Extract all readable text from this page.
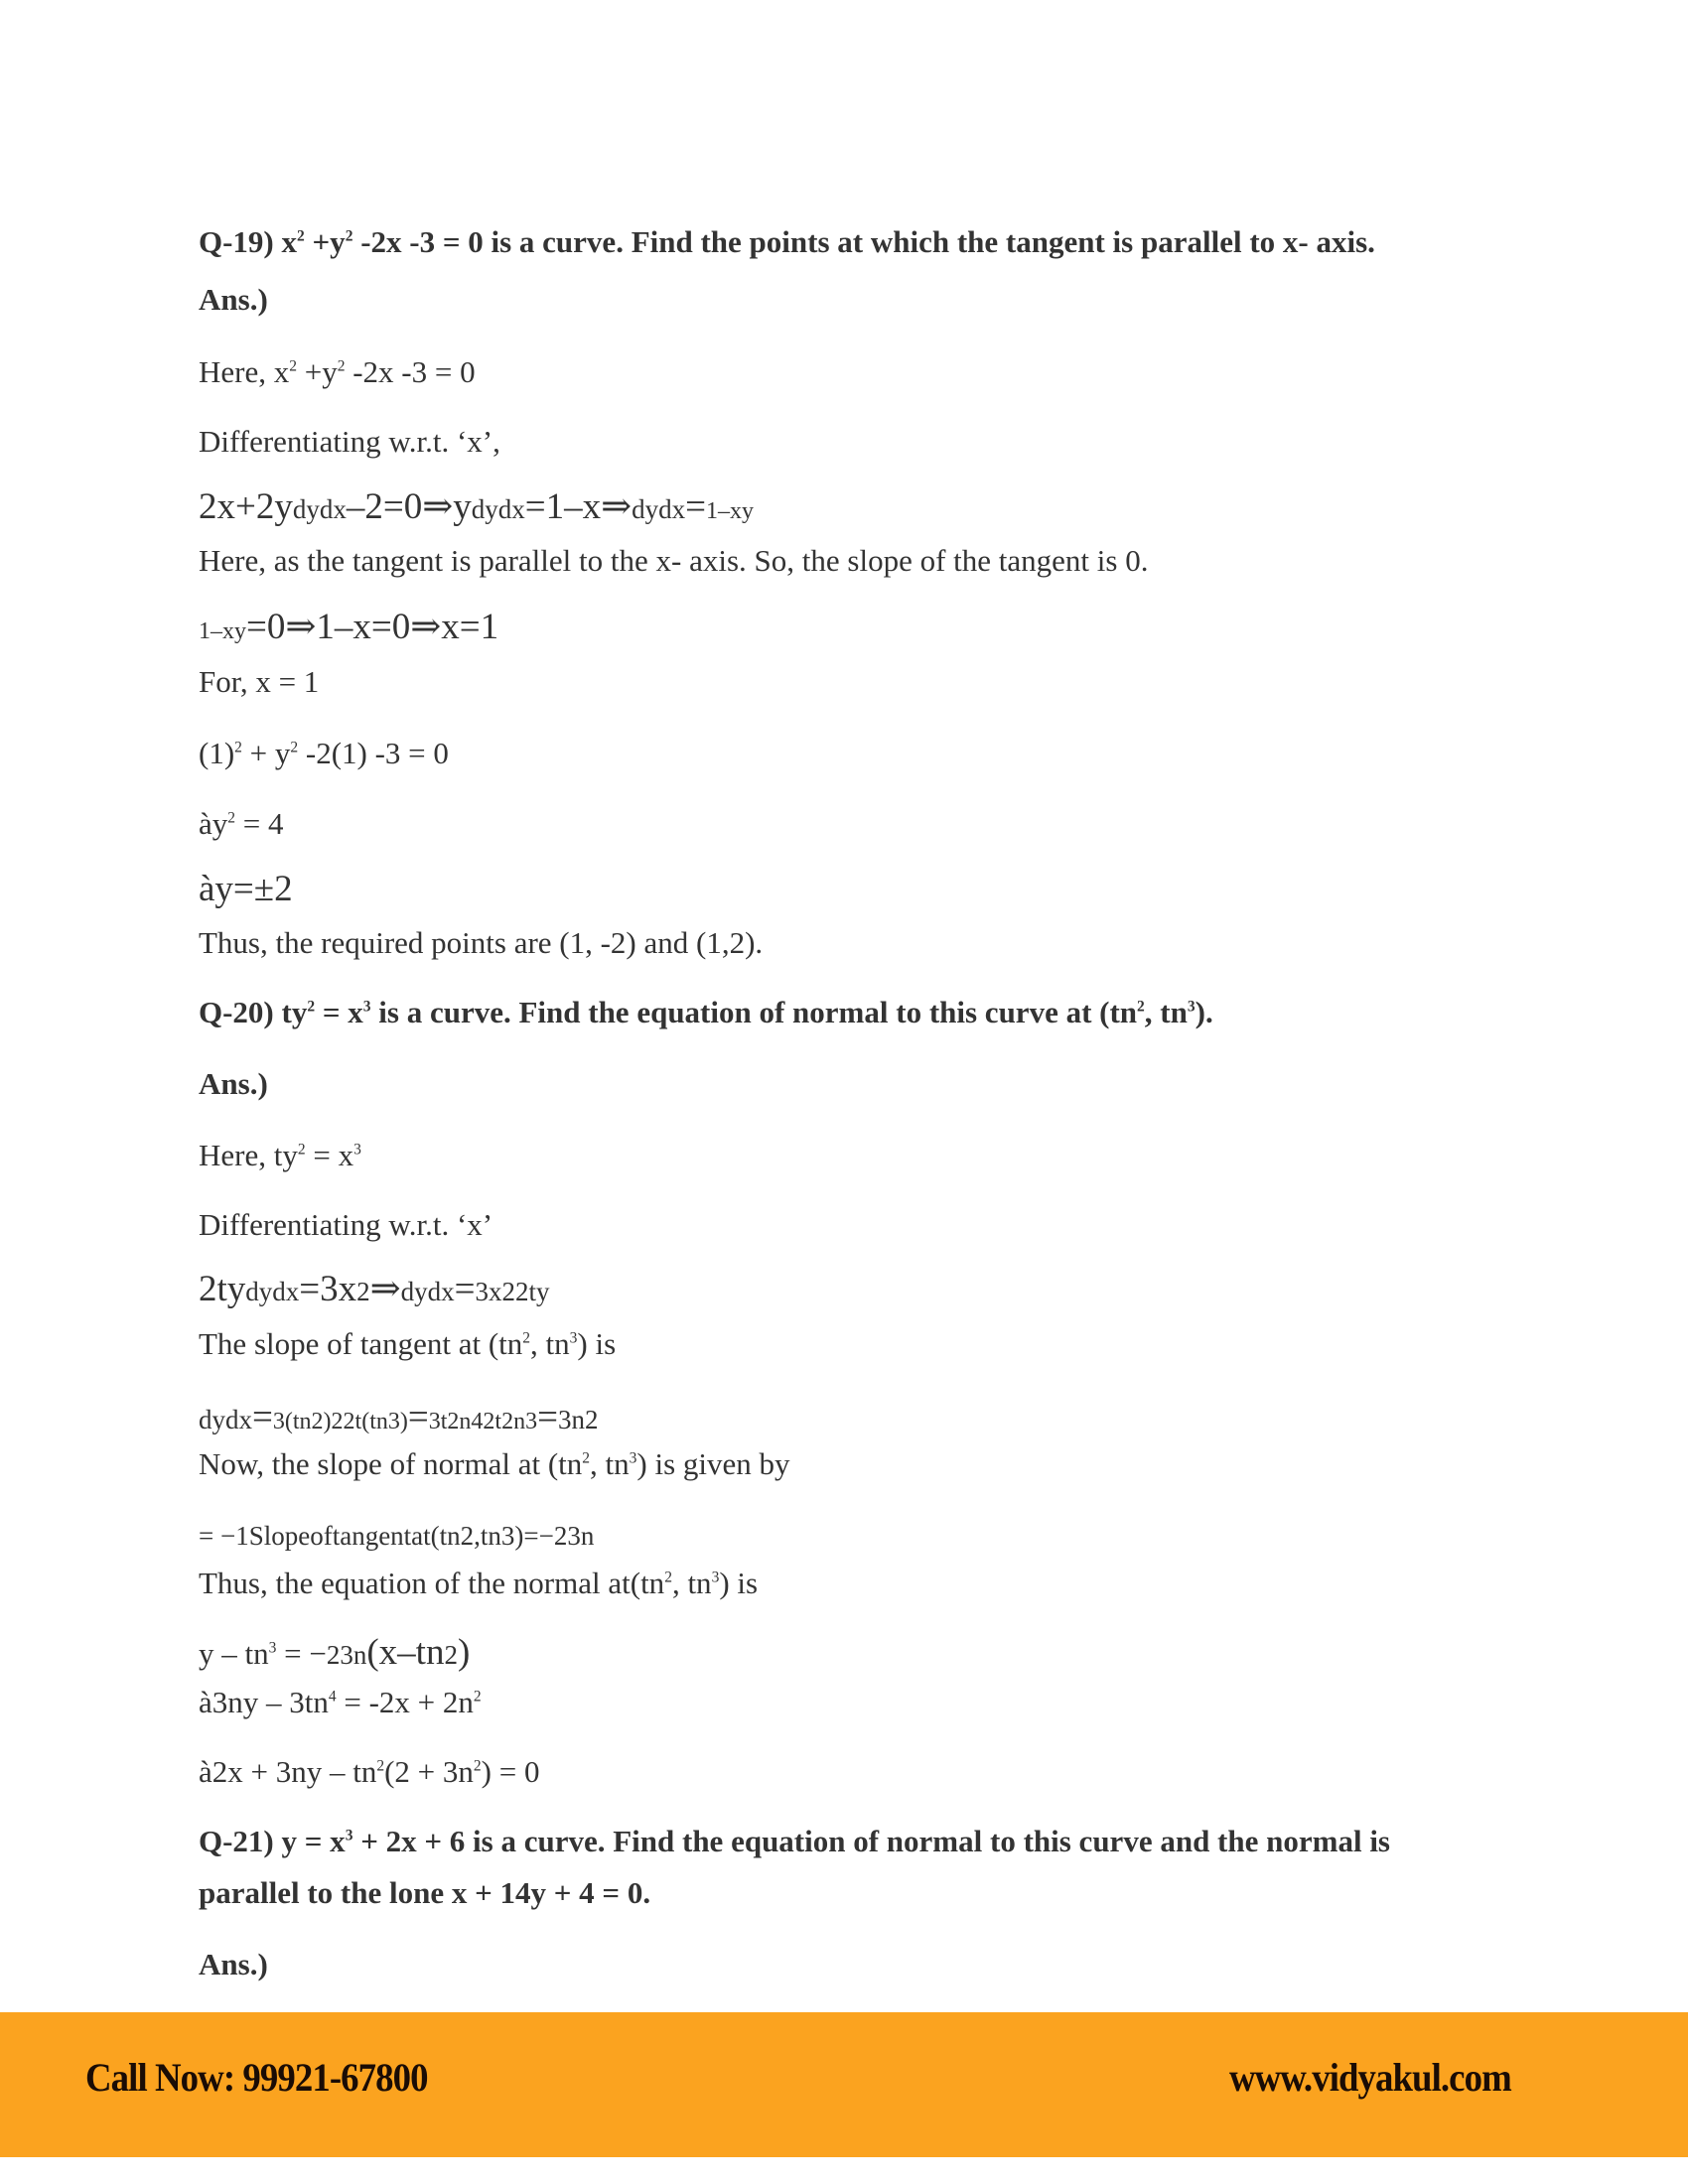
Q-19) $x^2 +y^2$ -2x -3 = 0 is a curve. Find the points at which the tangent is parallel to x- axis.
Ans.)
Here, $x^2 +y^2$ -2x -3 = 0
Differentiating w.r.t. ‘x’,
2x+2ydydx–2=0⇒ydydx=1–x⇒dydx=1–xy
Here, as the tangent is parallel to the x- axis. So, the slope of the tangent is 0.
1–xy=0⇒1–x=0⇒x=1
For, x = 1
$(1)^2 + y^2$ -2(1) -3 = 0
$ày^2 = 4$
ày=±2
Thus, the required points are (1, -2) and (1,2).
Q-20) $ty^2 = x^3$ is a curve. Find the equation of normal to this curve at ($tn^2$, $tn^3$).
Ans.)
Here, $ty^2 = x^3$
Differentiating w.r.t. ‘x’
2tydydx=3x2⇒dydx=3x22ty
The slope of tangent at ($tn^2$, $tn^3$) is
dydx=3(tn2)22t(tn3)=3t2n42t2n3=3n2
Now, the slope of normal at ($tn^2$, $tn^3$) is given by
= −1Slopeoftangentat(tn2,tn3)=−23n
Thus, the equation of the normal $at(tn^2$, $tn^3$) is
$y - tn^3 = -23n(x-tn2)$
à3ny – $3tn^4 = -2x + 2n^2$
à2x + $3ny - tn^2(2 + 3n^2) = 0$
Q-21) $y = x^3 + 2x + 6$ is a curve. Find the equation of normal to this curve and the normal is
parallel to the lone x + 14y + 4 = 0.
Ans.)
Call Now: 99921-67800	www.vidyakul.com
